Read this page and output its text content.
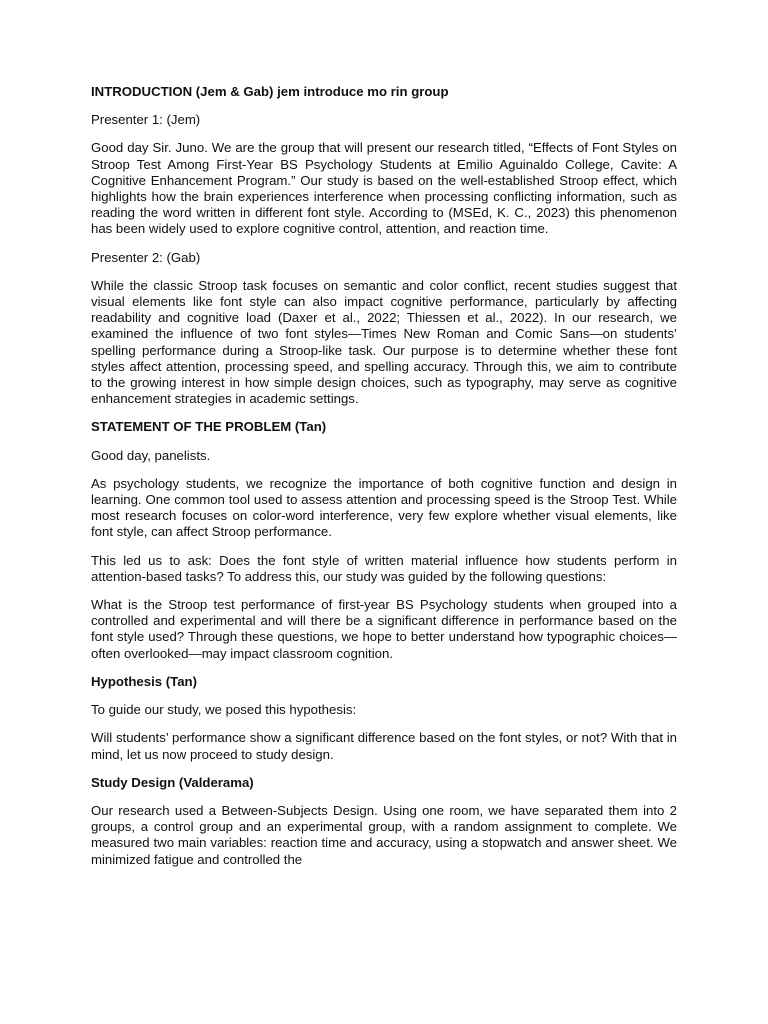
INTRODUCTION (Jem & Gab) jem introduce mo rin group

Presenter 1: (Jem)

Good day Sir. Juno. We are the group that will present our research titled, “Effects of Font Styles on Stroop Test Among First-Year BS Psychology Students at Emilio Aguinaldo College, Cavite: A Cognitive Enhancement Program.” Our study is based on the well-established Stroop effect, which highlights how the brain experiences interference when processing conflicting information, such as reading the word written in different font style. According to (MSEd, K. C., 2023) this phenomenon has been widely used to explore cognitive control, attention, and reaction time.

Presenter 2: (Gab)

While the classic Stroop task focuses on semantic and color conflict, recent studies suggest that visual elements like font style can also impact cognitive performance, particularly by affecting readability and cognitive load (Daxer et al., 2022; Thiessen et al., 2022). In our research, we examined the influence of two font styles—Times New Roman and Comic Sans—on students’ spelling performance during a Stroop-like task. Our purpose is to determine whether these font styles affect attention, processing speed, and spelling accuracy. Through this, we aim to contribute to the growing interest in how simple design choices, such as typography, may serve as cognitive enhancement strategies in academic settings.

STATEMENT OF THE PROBLEM (Tan)

Good day, panelists.

As psychology students, we recognize the importance of both cognitive function and design in learning. One common tool used to assess attention and processing speed is the Stroop Test. While most research focuses on color-word interference, very few explore whether visual elements, like font style, can affect Stroop performance.

This led us to ask: Does the font style of written material influence how students perform in attention-based tasks? To address this, our study was guided by the following questions:

What is the Stroop test performance of first-year BS Psychology students when grouped into a controlled and experimental and will there be a significant difference in performance based on the font style used? Through these questions, we hope to better understand how typographic choices—often overlooked—may impact classroom cognition.

Hypothesis (Tan)

To guide our study, we posed this hypothesis:

Will students’ performance show a significant difference based on the font styles, or not? With that in mind, let us now proceed to study design.

Study Design (Valderama)

Our research used a Between-Subjects Design. Using one room, we have separated them into 2 groups, a control group and an experimental group, with a random assignment to complete. We measured two main variables: reaction time and accuracy, using a stopwatch and answer sheet. We minimized fatigue and controlled the
